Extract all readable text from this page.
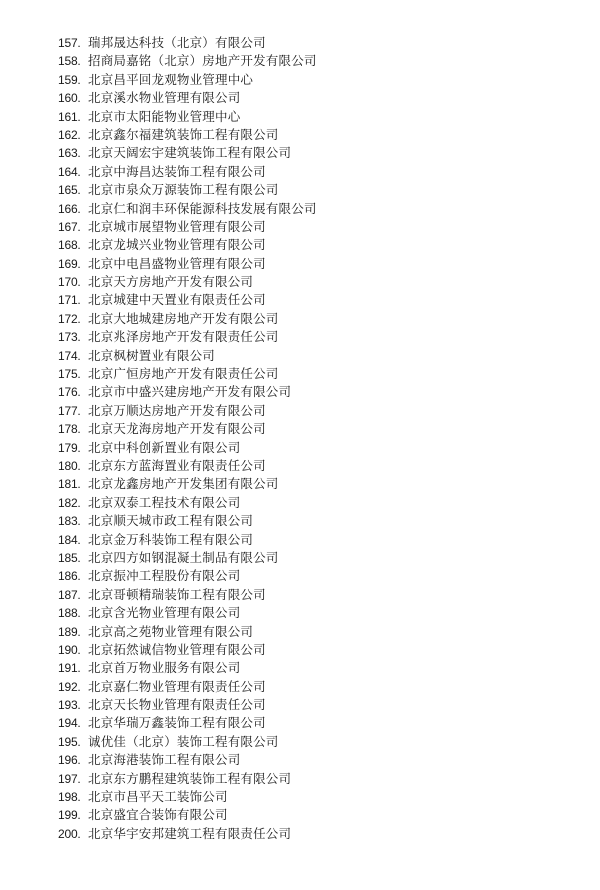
157. 瑞邦晟达科技（北京）有限公司
158. 招商局嘉铭（北京）房地产开发有限公司
159. 北京昌平回龙观物业管理中心
160. 北京溪水物业管理有限公司
161. 北京市太阳能物业管理中心
162. 北京鑫尔福建筑装饰工程有限公司
163. 北京天阔宏宇建筑装饰工程有限公司
164. 北京中海昌达装饰工程有限公司
165. 北京市泉众万源装饰工程有限公司
166. 北京仁和润丰环保能源科技发展有限公司
167. 北京城市展望物业管理有限公司
168. 北京龙城兴业物业管理有限公司
169. 北京中电昌盛物业管理有限公司
170. 北京天方房地产开发有限公司
171. 北京城建中天置业有限责任公司
172. 北京大地城建房地产开发有限公司
173. 北京兆泽房地产开发有限责任公司
174. 北京枫树置业有限公司
175. 北京广恒房地产开发有限责任公司
176. 北京市中盛兴建房地产开发有限公司
177. 北京万顺达房地产开发有限公司
178. 北京天龙海房地产开发有限公司
179. 北京中科创新置业有限公司
180. 北京东方蓝海置业有限责任公司
181. 北京龙鑫房地产开发集团有限公司
182. 北京双泰工程技术有限公司
183. 北京顺天城市政工程有限公司
184. 北京金万科装饰工程有限公司
185. 北京四方如钢混凝土制品有限公司
186. 北京振冲工程股份有限公司
187. 北京哥顿精瑞装饰工程有限公司
188. 北京含光物业管理有限公司
189. 北京高之苑物业管理有限公司
190. 北京拓然诚信物业管理有限公司
191. 北京首万物业服务有限公司
192. 北京嘉仁物业管理有限责任公司
193. 北京天长物业管理有限责任公司
194. 北京华瑞万鑫装饰工程有限公司
195. 诚优佳（北京）装饰工程有限公司
196. 北京海港装饰工程有限公司
197. 北京东方鹏程建筑装饰工程有限公司
198. 北京市昌平天工装饰公司
199. 北京盛宜合装饰有限公司
200. 北京华宇安邦建筑工程有限责任公司
